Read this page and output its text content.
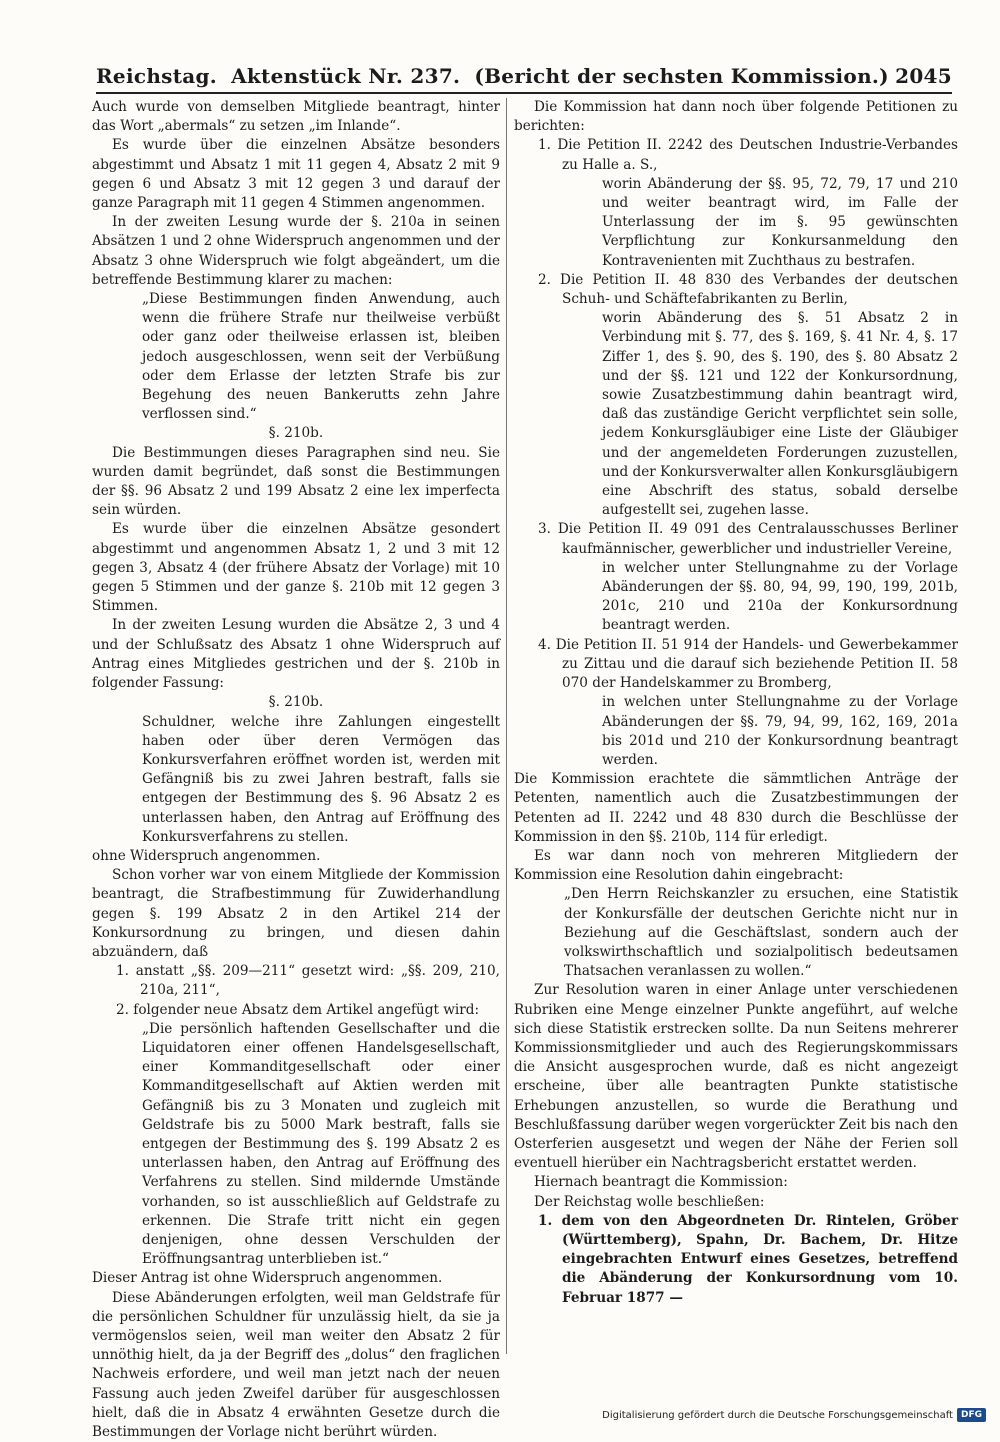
Reichstag. Aktenstück Nr. 237. (Bericht der sechsten Kommission.) 2045

Auch wurde von demselben Mitgliede beantragt, hinter das Wort „abermals“ zu setzen „im Inlande“.

Es wurde über die einzelnen Absätze besonders abgestimmt und Absatz 1 mit 11 gegen 4, Absatz 2 mit 9 gegen 6 und Absatz 3 mit 12 gegen 3 und darauf der ganze Paragraph mit 11 gegen 4 Stimmen angenommen.

In der zweiten Lesung wurde der §. 210a in seinen Absätzen 1 und 2 ohne Widerspruch angenommen und der Absatz 3 ohne Widerspruch wie folgt abgeändert, um die betreffende Bestimmung klarer zu machen:

„Diese Bestimmungen finden Anwendung, auch wenn die frühere Strafe nur theilweise verbüßt oder ganz oder theilweise erlassen ist, bleiben jedoch ausgeschlossen, wenn seit der Verbüßung oder dem Erlasse der letzten Strafe bis zur Begehung des neuen Bankerutts zehn Jahre verflossen sind.“

§. 210b.

Die Bestimmungen dieses Paragraphen sind neu. Sie wurden damit begründet, daß sonst die Bestimmungen der §§. 96 Absatz 2 und 199 Absatz 2 eine lex imperfecta sein würden.

Es wurde über die einzelnen Absätze gesondert abgestimmt und angenommen Absatz 1, 2 und 3 mit 12 gegen 3, Absatz 4 (der frühere Absatz der Vorlage) mit 10 gegen 5 Stimmen und der ganze §. 210b mit 12 gegen 3 Stimmen.

In der zweiten Lesung wurden die Absätze 2, 3 und 4 und der Schlußsatz des Absatz 1 ohne Widerspruch auf Antrag eines Mitgliedes gestrichen und der §. 210b in folgender Fassung:

§. 210b.

Schuldner, welche ihre Zahlungen eingestellt haben oder über deren Vermögen das Konkursverfahren eröffnet worden ist, werden mit Gefängniß bis zu zwei Jahren bestraft, falls sie entgegen der Bestimmung des §. 96 Absatz 2 es unterlassen haben, den Antrag auf Eröffnung des Konkursverfahrens zu stellen.

ohne Widerspruch angenommen.

Schon vorher war von einem Mitgliede der Kommission beantragt, die Strafbestimmung für Zuwiderhandlung gegen §. 199 Absatz 2 in den Artikel 214 der Konkursordnung zu bringen, und diesen dahin abzuändern, daß

1. anstatt „§§. 209—211“ gesetzt wird: „§§. 209, 210, 210a, 211“,

2. folgender neue Absatz dem Artikel angefügt wird:

„Die persönlich haftenden Gesellschafter und die Liquidatoren einer offenen Handelsgesellschaft, einer Kommanditgesellschaft oder einer Kommanditgesellschaft auf Aktien werden mit Gefängniß bis zu 3 Monaten und zugleich mit Geldstrafe bis zu 5000 Mark bestraft, falls sie entgegen der Bestimmung des §. 199 Absatz 2 es unterlassen haben, den Antrag auf Eröffnung des Verfahrens zu stellen. Sind mildernde Umstände vorhanden, so ist ausschließlich auf Geldstrafe zu erkennen. Die Strafe tritt nicht ein gegen denjenigen, ohne dessen Verschulden der Eröffnungsantrag unterblieben ist.“

Dieser Antrag ist ohne Widerspruch angenommen.

Diese Abänderungen erfolgten, weil man Geldstrafe für die persönlichen Schuldner für unzulässig hielt, da sie ja vermögenslos seien, weil man weiter den Absatz 2 für unnöthig hielt, da ja der Begriff des „dolus“ den fraglichen Nachweis erfordere, und weil man jetzt nach der neuen Fassung auch jeden Zweifel darüber für ausgeschlossen hielt, daß die in Absatz 4 erwähnten Gesetze durch die Bestimmungen der Vorlage nicht berührt würden.

Die Kommission hat dann noch über folgende Petitionen zu berichten:

1. Die Petition II. 2242 des Deutschen Industrie-Verbandes zu Halle a. S.,

worin Abänderung der §§. 95, 72, 79, 17 und 210 und weiter beantragt wird, im Falle der Unterlassung der im §. 95 gewünschten Verpflichtung zur Konkursanmeldung den Kontravenienten mit Zuchthaus zu bestrafen.

2. Die Petition II. 48 830 des Verbandes der deutschen Schuh- und Schäftefabrikanten zu Berlin,

worin Abänderung des §. 51 Absatz 2 in Verbindung mit §. 77, des §. 169, §. 41 Nr. 4, §. 17 Ziffer 1, des §. 90, des §. 190, des §. 80 Absatz 2 und der §§. 121 und 122 der Konkursordnung, sowie Zusatzbestimmung dahin beantragt wird, daß das zuständige Gericht verpflichtet sein solle, jedem Konkursgläubiger eine Liste der Gläubiger und der angemeldeten Forderungen zuzustellen, und der Konkursverwalter allen Konkursgläubigern eine Abschrift des status, sobald derselbe aufgestellt sei, zugehen lasse.

3. Die Petition II. 49 091 des Centralausschusses Berliner kaufmännischer, gewerblicher und industrieller Vereine,

in welcher unter Stellungnahme zu der Vorlage Abänderungen der §§. 80, 94, 99, 190, 199, 201b, 201c, 210 und 210a der Konkursordnung beantragt werden.

4. Die Petition II. 51 914 der Handels- und Gewerbekammer zu Zittau und die darauf sich beziehende Petition II. 58 070 der Handelskammer zu Bromberg,

in welchen unter Stellungnahme zu der Vorlage Abänderungen der §§. 79, 94, 99, 162, 169, 201a bis 201d und 210 der Konkursordnung beantragt werden.

Die Kommission erachtete die sämmtlichen Anträge der Petenten, namentlich auch die Zusatzbestimmungen der Petenten ad II. 2242 und 48 830 durch die Beschlüsse der Kommission in den §§. 210b, 114 für erledigt.

Es war dann noch von mehreren Mitgliedern der Kommission eine Resolution dahin eingebracht:

„Den Herrn Reichskanzler zu ersuchen, eine Statistik der Konkursfälle der deutschen Gerichte nicht nur in Beziehung auf die Geschäftslast, sondern auch der volkswirthschaftlich und sozialpolitisch bedeutsamen Thatsachen veranlassen zu wollen.“

Zur Resolution waren in einer Anlage unter verschiedenen Rubriken eine Menge einzelner Punkte angeführt, auf welche sich diese Statistik erstrecken sollte. Da nun Seitens mehrerer Kommissionsmitglieder und auch des Regierungskommissars die Ansicht ausgesprochen wurde, daß es nicht angezeigt erscheine, über alle beantragten Punkte statistische Erhebungen anzustellen, so wurde die Berathung und Beschlußfassung darüber wegen vorgerückter Zeit bis nach den Osterferien ausgesetzt und wegen der Nähe der Ferien soll eventuell hierüber ein Nachtragsbericht erstattet werden.

Hiernach beantragt die Kommission:

Der Reichstag wolle beschließen:

1. dem von den Abgeordneten Dr. Rintelen, Gröber (Württemberg), Spahn, Dr. Bachem, Dr. Hitze eingebrachten Entwurf eines Gesetzes, betreffend die Abänderung der Konkursordnung vom 10. Februar 1877 —

Digitalisierung gefördert durch die Deutsche Forschungsgemeinschaft DFG
